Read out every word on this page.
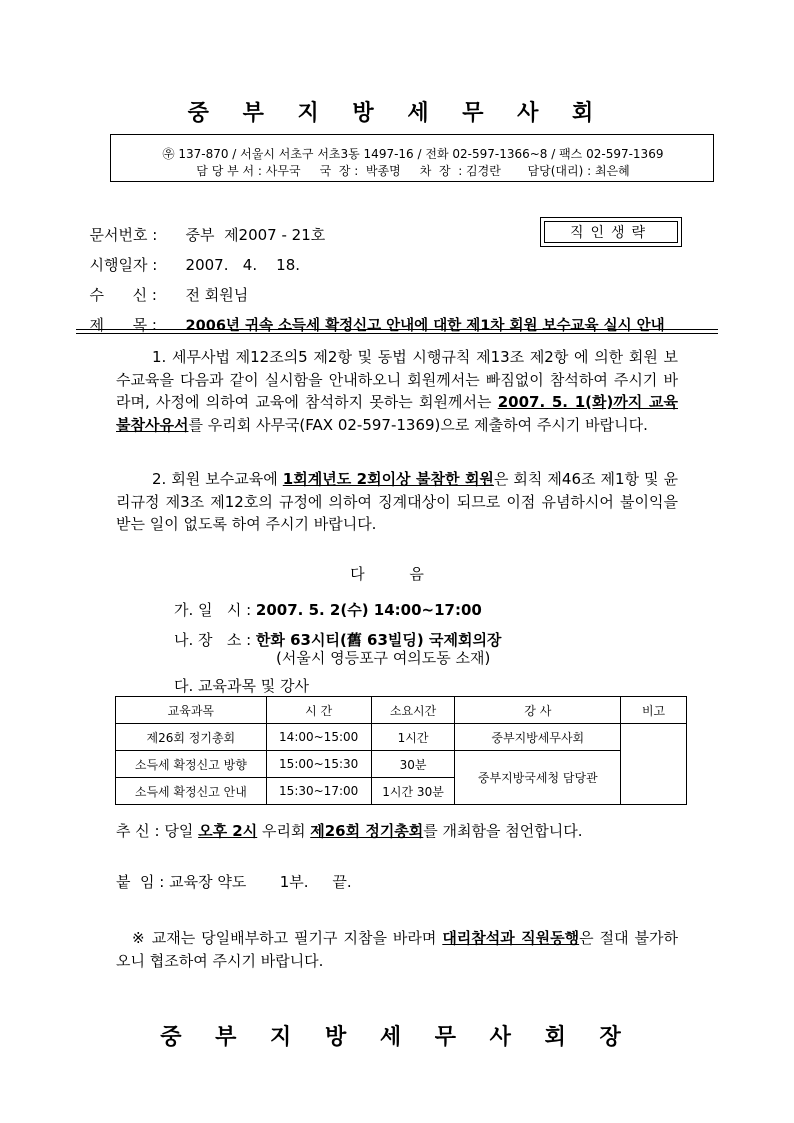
중 부 지 방 세 무 사 회
㉾ 137-870 / 서울시 서초구 서초3동 1497-16 / 전화 02-597-1366~8 / 팩스 02-597-1369
담 당 부 서 : 사무국     국  장 :  박종명     차  장  : 김경란       담당(대리) : 최은혜

문서번호 : 중부  제2007 - 21호

시행일자 : 2007.   4.    18.

수      신 : 전 회원님

제      목 : 2006년 귀속 소득세 확정신고 안내에 대한 제1차 회원 보수교육 실시 안내

직인생략
1. 세무사법 제12조의5 제2항 및 동법 시행규칙 제13조 제2항 에 의한 회원 보수교육을 다음과 같이 실시함을 안내하오니 회원께서는 빠짐없이 참석하여 주시기 바라며, 사정에 의하여 교육에 참석하지 못하는 회원께서는 2007. 5. 1(화)까지 교육 불참사유서를 우리회 사무국(FAX 02-597-1369)으로 제출하여 주시기 바랍니다.
2. 회원 보수교육에 1회계년도 2회이상 불참한 회원은 회칙 제46조 제1항 및 윤리규정 제3조 제12호의 규정에 의하여 징계대상이 되므로 이점 유념하시어 불이익을 받는 일이 없도록 하여 주시기 바랍니다.
다 음
가. 일   시 : 2007. 5. 2(수) 14:00~17:00
나. 장   소 : 한화 63시티(舊 63빌딩) 국제회의장
(서울시 영등포구 여의도동 소재)
다. 교육과목 및 강사
교육과목	시 간	소요시간	강 사	비고
제26회 정기총회	14:00~15:00	1시간	중부지방세무사회	
소득세 확정신고 방향	15:00~15:30	30분	중부지방국세청 담당관	
소득세 확정신고 안내	15:30~17:00	1시간 30분		
추 신 : 당일 오후 2시 우리회 제26회 정기총회를 개최함을 첨언합니다.
붙  임 : 교육장 약도       1부.     끝.
※ 교재는 당일배부하고 필기구 지참을 바라며 대리참석과 직원동행은 절대 불가하오니 협조하여 주시기 바랍니다.
중 부 지 방 세 무 사 회 장
